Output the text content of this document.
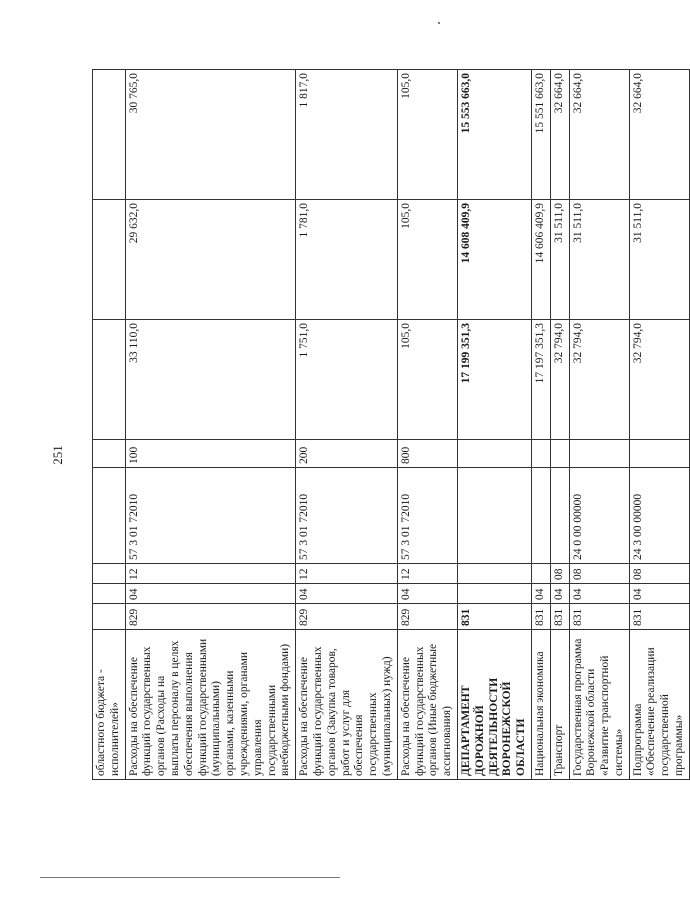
251
областного бюджета - исполнителей»								
Расходы на обеспечение функций государственных органов (Расходы на выплаты персоналу в целях обеспечения выполнения функций государственными (муниципальными) органами, казенными учреждениями, органами управления государственными внебюджетными фондами)	829	04	12	57 3 01 72010	100	33 110,0	29 632,0	30 765,0
Расходы на обеспечение функций государственных органов (Закупка товаров, работ и услуг для обеспечения государственных (муниципальных) нужд)	829	04	12	57 3 01 72010	200	1 751,0	1 781,0	1 817,0
Расходы на обеспечение функций государственных органов (Иные бюджетные ассигнования)	829	04	12	57 3 01 72010	800	105,0	105,0	105,0
ДЕПАРТАМЕНТ ДОРОЖНОЙ ДЕЯТЕЛЬНОСТИ ВОРОНЕЖСКОЙ ОБЛАСТИ	831					17 199 351,3	14 608 409,9	15 553 663,0
Национальная экономика	831	04				17 197 351,3	14 606 409,9	15 551 663,0
Транспорт	831	04	08			32 794,0	31 511,0	32 664,0
Государственная программа Воронежской области «Развитие транспортной системы»	831	04	08	24 0 00 00000		32 794,0	31 511,0	32 664,0
Подпрограмма «Обеспечение реализации государственной программы»	831	04	08	24 3 00 00000		32 794,0	31 511,0	32 664,0
